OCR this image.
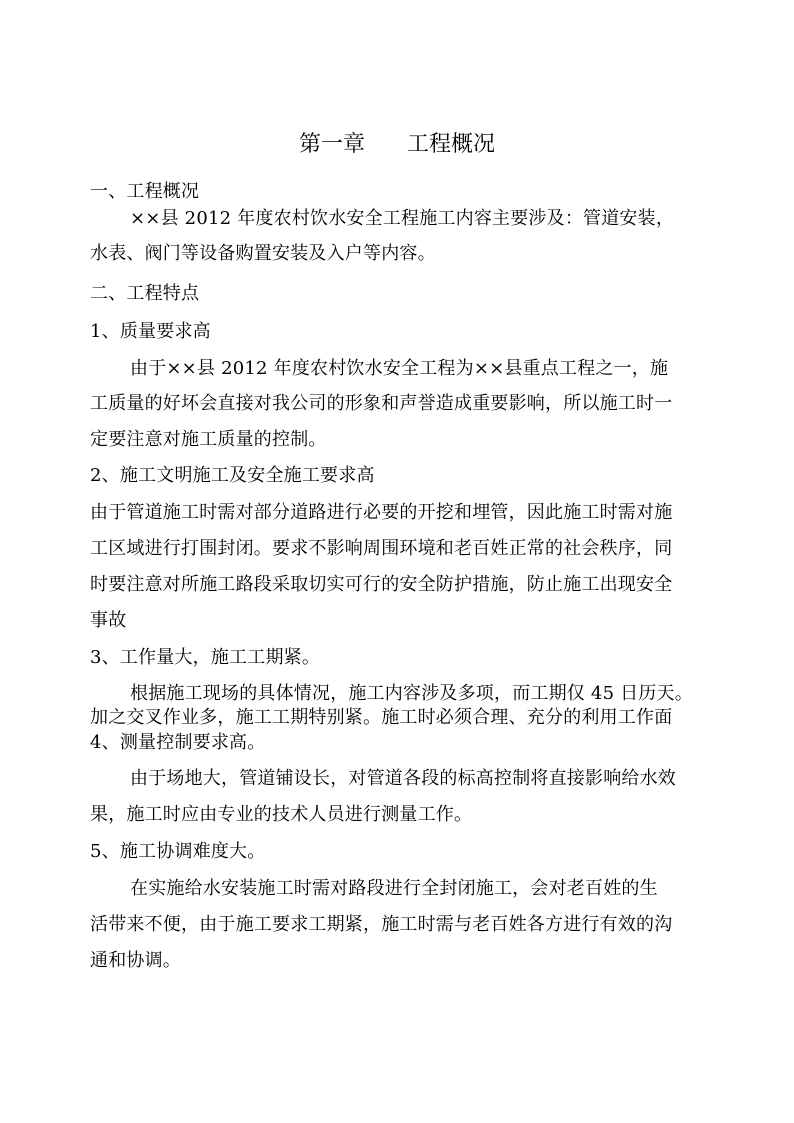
第一章 工程概况
一、工程概况
××县 2012 年度农村饮水安全工程施工内容主要涉及：管道安装，
水表、阀门等设备购置安装及入户等内容。
二、工程特点
1、质量要求高
由于××县 2012 年度农村饮水安全工程为××县重点工程之一，施
工质量的好坏会直接对我公司的形象和声誉造成重要影响，所以施工时一
定要注意对施工质量的控制。
2、施工文明施工及安全施工要求高
由于管道施工时需对部分道路进行必要的开挖和埋管，因此施工时需对施
工区域进行打围封闭。要求不影响周围环境和老百姓正常的社会秩序，同
时要注意对所施工路段采取切实可行的安全防护措施，防止施工出现安全
事故
3、工作量大，施工工期紧。
根据施工现场的具体情况，施工内容涉及多项，而工期仅 45 日历天。
加之交叉作业多，施工工期特别紧。施工时必须合理、充分的利用工作面
4、测量控制要求高。
由于场地大，管道铺设长，对管道各段的标高控制将直接影响给水效
果，施工时应由专业的技术人员进行测量工作。
5、施工协调难度大。
在实施给水安装施工时需对路段进行全封闭施工，会对老百姓的生
活带来不便，由于施工要求工期紧，施工时需与老百姓各方进行有效的沟
通和协调。
